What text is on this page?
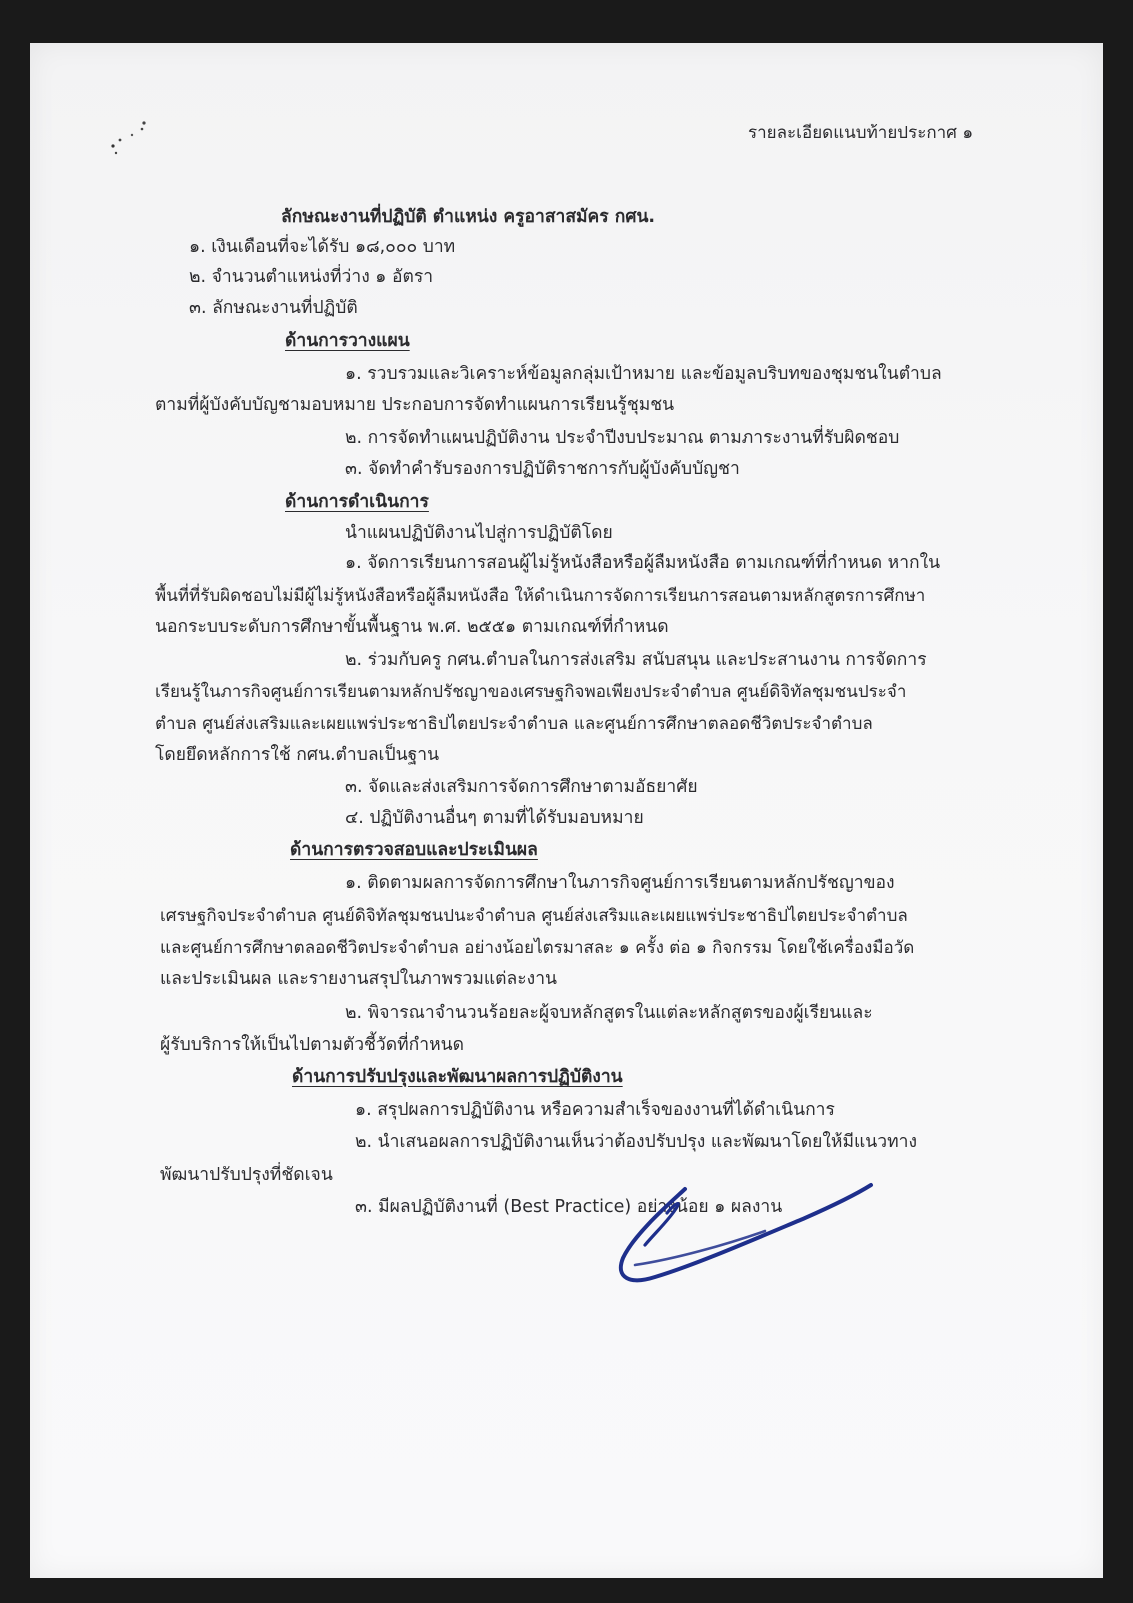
รายละเอียดแนบท้ายประกาศ ๑
ลักษณะงานที่ปฏิบัติ ตำแหน่ง ครูอาสาสมัคร กศน.
๑. เงินเดือนที่จะได้รับ ๑๘,๐๐๐ บาท
๒. จำนวนตำแหน่งที่ว่าง ๑ อัตรา
๓. ลักษณะงานที่ปฏิบัติ
ด้านการวางแผน
๑. รวบรวมและวิเคราะห์ข้อมูลกลุ่มเป้าหมาย และข้อมูลบริบทของชุมชนในตำบล
ตามที่ผู้บังคับบัญชามอบหมาย ประกอบการจัดทำแผนการเรียนรู้ชุมชน
๒. การจัดทำแผนปฏิบัติงาน ประจำปีงบประมาณ ตามภาระงานที่รับผิดชอบ
๓. จัดทำคำรับรองการปฏิบัติราชการกับผู้บังคับบัญชา
ด้านการดำเนินการ
นำแผนปฏิบัติงานไปสู่การปฏิบัติโดย
๑. จัดการเรียนการสอนผู้ไม่รู้หนังสือหรือผู้ลืมหนังสือ ตามเกณฑ์ที่กำหนด หากใน
พื้นที่ที่รับผิดชอบไม่มีผู้ไม่รู้หนังสือหรือผู้ลืมหนังสือ ให้ดำเนินการจัดการเรียนการสอนตามหลักสูตรการศึกษา
นอกระบบระดับการศึกษาขั้นพื้นฐาน พ.ศ. ๒๕๕๑ ตามเกณฑ์ที่กำหนด
๒. ร่วมกับครู กศน.ตำบลในการส่งเสริม สนับสนุน และประสานงาน การจัดการ
เรียนรู้ในภารกิจศูนย์การเรียนตามหลักปรัชญาของเศรษฐกิจพอเพียงประจำตำบล ศูนย์ดิจิทัลชุมชนประจำ
ตำบล ศูนย์ส่งเสริมและเผยแพร่ประชาธิปไตยประจำตำบล และศูนย์การศึกษาตลอดชีวิตประจำตำบล
โดยยึดหลักการใช้ กศน.ตำบลเป็นฐาน
๓. จัดและส่งเสริมการจัดการศึกษาตามอัธยาศัย
๔. ปฏิบัติงานอื่นๆ ตามที่ได้รับมอบหมาย
ด้านการตรวจสอบและประเมินผล
๑. ติดตามผลการจัดการศึกษาในภารกิจศูนย์การเรียนตามหลักปรัชญาของ
เศรษฐกิจประจำตำบล ศูนย์ดิจิทัลชุมชนปนะจำตำบล ศูนย์ส่งเสริมและเผยแพร่ประชาธิปไตยประจำตำบล
และศูนย์การศึกษาตลอดชีวิตประจำตำบล อย่างน้อยไตรมาสละ ๑ ครั้ง ต่อ ๑ กิจกรรม โดยใช้เครื่องมือวัด
และประเมินผล และรายงานสรุปในภาพรวมแต่ละงาน
๒. พิจารณาจำนวนร้อยละผู้จบหลักสูตรในแต่ละหลักสูตรของผู้เรียนและ
ผู้รับบริการให้เป็นไปตามตัวชี้วัดที่กำหนด
ด้านการปรับปรุงและพัฒนาผลการปฏิบัติงาน
๑. สรุปผลการปฏิบัติงาน หรือความสำเร็จของงานที่ได้ดำเนินการ
๒. นำเสนอผลการปฏิบัติงานเห็นว่าต้องปรับปรุง และพัฒนาโดยให้มีแนวทาง
พัฒนาปรับปรุงที่ชัดเจน
๓. มีผลปฏิบัติงานที่ (Best Practice) อย่างน้อย ๑ ผลงาน
